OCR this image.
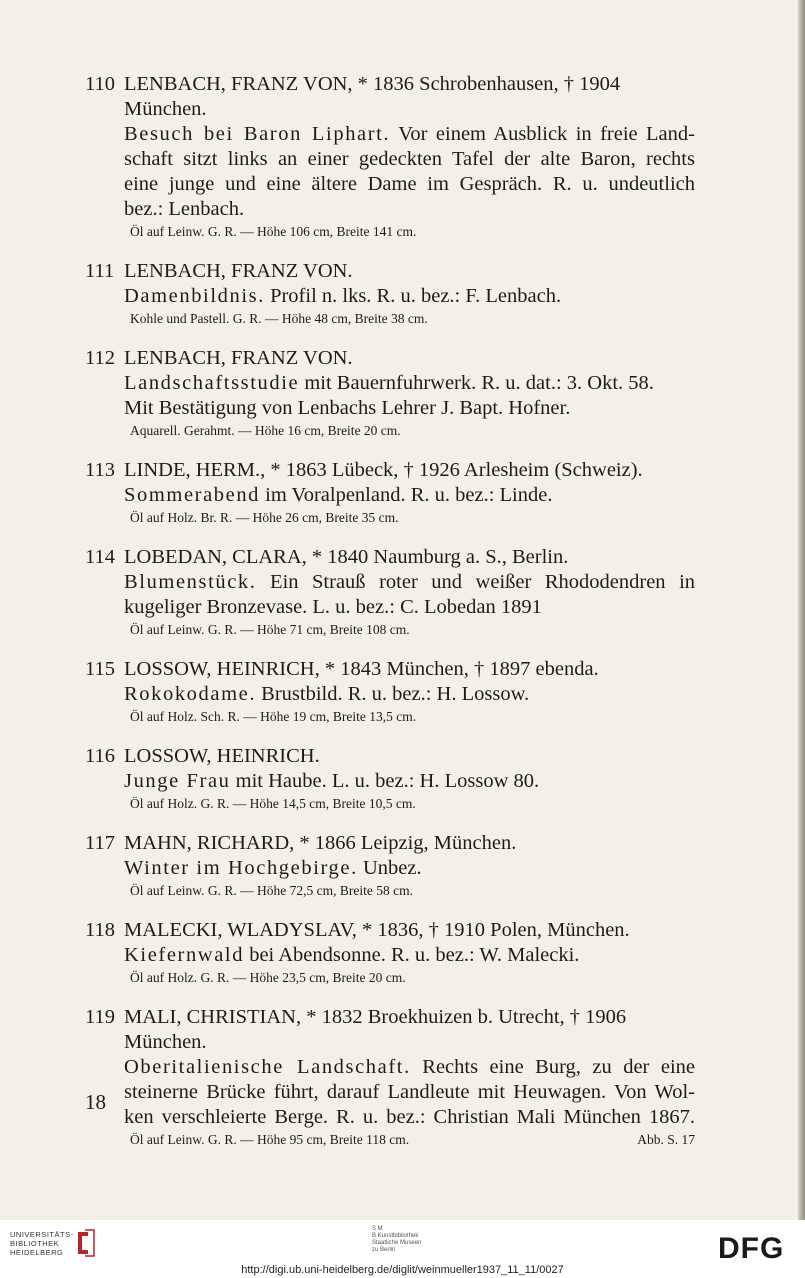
110 LENBACH, FRANZ VON, * 1836 Schrobenhausen, † 1904
München.
Besuch bei Baron Liphart. Vor einem Ausblick in freie Land-
schaft sitzt links an einer gedeckten Tafel der alte Baron, rechts
eine junge und eine ältere Dame im Gespräch. R. u. undeutlich
bez.: Lenbach.
Öl auf Leinw. G. R. — Höhe 106 cm, Breite 141 cm.
111 LENBACH, FRANZ VON.
Damenbildnis. Profil n. lks. R. u. bez.: F. Lenbach.
Kohle und Pastell. G. R. — Höhe 48 cm, Breite 38 cm.
112 LENBACH, FRANZ VON.
Landschaftsstudie mit Bauernfuhrwerk. R. u. dat.: 3. Okt. 58.
Mit Bestätigung von Lenbachs Lehrer J. Bapt. Hofner.
Aquarell. Gerahmt. — Höhe 16 cm, Breite 20 cm.
113 LINDE, HERM., * 1863 Lübeck, † 1926 Arlesheim (Schweiz).
Sommerabend im Voralpenland. R. u. bez.: Linde.
Öl auf Holz. Br. R. — Höhe 26 cm, Breite 35 cm.
114 LOBEDAN, CLARA, * 1840 Naumburg a. S., Berlin.
Blumenstück. Ein Strauß roter und weißer Rhododendren in
kugeliger Bronzevase. L. u. bez.: C. Lobedan 1891
Öl auf Leinw. G. R. — Höhe 71 cm, Breite 108 cm.
115 LOSSOW, HEINRICH, * 1843 München, † 1897 ebenda.
Rokokodame. Brustbild. R. u. bez.: H. Lossow.
Öl auf Holz. Sch. R. — Höhe 19 cm, Breite 13,5 cm.
116 LOSSOW, HEINRICH.
Junge Frau mit Haube. L. u. bez.: H. Lossow 80.
Öl auf Holz. G. R. — Höhe 14,5 cm, Breite 10,5 cm.
117 MAHN, RICHARD, * 1866 Leipzig, München.
Winter im Hochgebirge. Unbez.
Öl auf Leinw. G. R. — Höhe 72,5 cm, Breite 58 cm.
118 MALECKI, WLADYSLAV, * 1836, † 1910 Polen, München.
Kiefernwald bei Abendsonne. R. u. bez.: W. Malecki.
Öl auf Holz. G. R. — Höhe 23,5 cm, Breite 20 cm.
119 MALI, CHRISTIAN, * 1832 Broekhuizen b. Utrecht, † 1906
München.
Oberitalienische Landschaft. Rechts eine Burg, zu der eine
steinerne Brücke führt, darauf Landleute mit Heuwagen. Von Wol-
ken verschleierte Berge. R. u. bez.: Christian Mali München 1867.
Öl auf Leinw. G. R. — Höhe 95 cm, Breite 118 cm.	Abb. S. 17
18
UNIVERSITÄTS-
BIBLIOTHEK
HEIDELBERG
S M
B Kunstbibliothek
Staatliche Museen
zu Berlin	DFG
http://digi.ub.uni-heidelberg.de/diglit/weinmueller1937_11_11/0027
